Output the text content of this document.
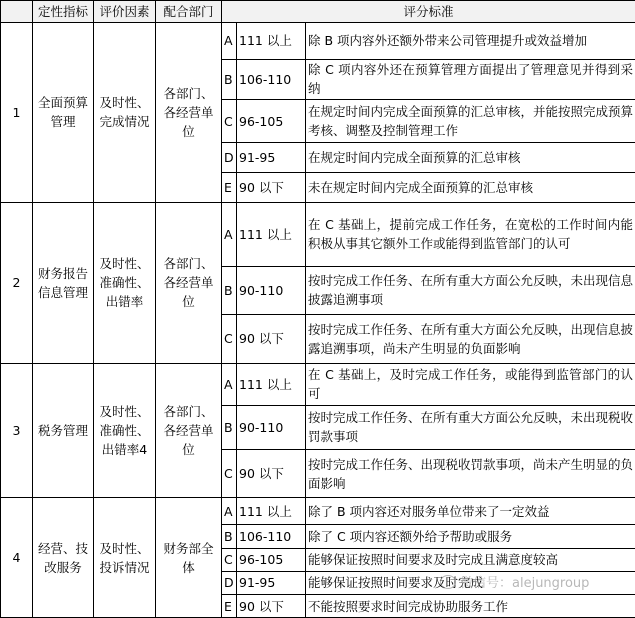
	定性指标	评价因素	配合部门	评分标准		
1	全面预算管理	及时性、完成情况	各部门、各经营单位	A	111 以上	除 B 项内容外还额外带来公司管理提升或效益增加
				B	106-110	除 C 项内容外还在预算管理方面提出了管理意见并得到采纳
				C	96-105	在规定时间内完成全面预算的汇总审核，并能按照完成预算考核、调整及控制管理工作
				D	91-95	在规定时间内完成全面预算的汇总审核
				E	90 以下	未在规定时间内完成全面预算的汇总审核
2	财务报告信息管理	及时性、准确性、出错率	各部门、各经营单位	A	111 以上	在 C 基础上，提前完成工作任务，在宽松的工作时间内能积极从事其它额外工作或能得到监管部门的认可
				B	90-110	按时完成工作任务、在所有重大方面公允反映，未出现信息披露追溯事项
				C	90 以下	按时完成工作任务、在所有重大方面公允反映，出现信息披露追溯事项，尚未产生明显的负面影响
3	税务管理	及时性、准确性、出错率4	各部门、各经营单位	A	111 以上	在 C 基础上，及时完成工作任务，或能得到监管部门的认可
				B	90-110	按时完成工作任务、在所有重大方面公允反映，未出现税收罚款事项
				C	90 以下	按时完成工作任务、出现税收罚款事项，尚未产生明显的负面影响
4	经营、技改服务	及时性、投诉情况	财务部全体	A	111 以上	除了 B 项内容还对服务单位带来了一定效益
				B	106-110	除了 C 项内容还额外给予帮助或服务
				C	96-105	能够保证按照时间要求及时完成且满意度较高
				D	91-95	能够保证按照时间要求及时完成
				E	90 以下	不能按照要求时间完成协助服务工作
微信号：alejungroup
